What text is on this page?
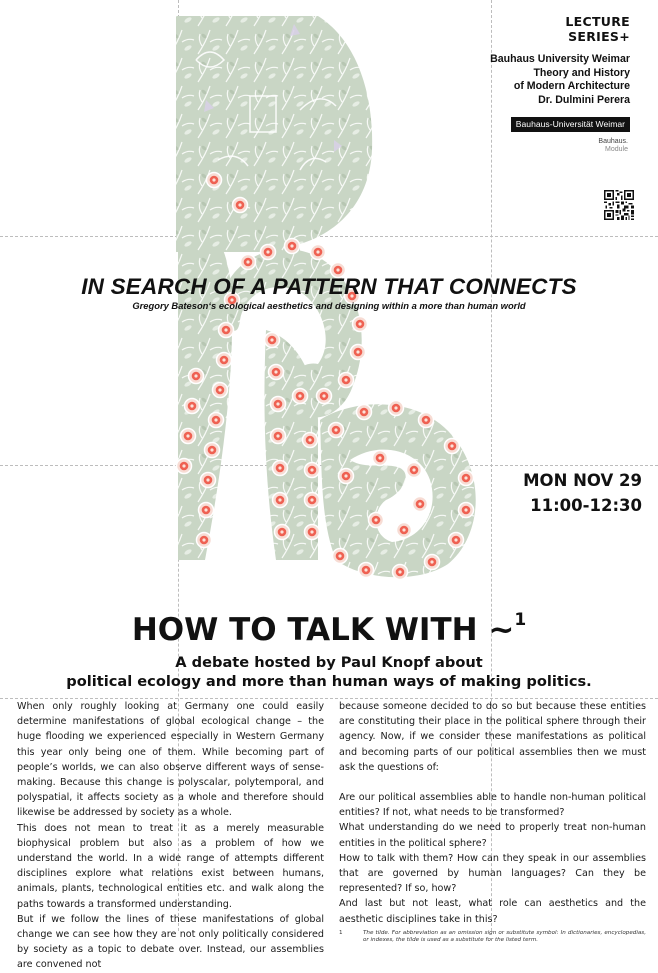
LECTURE
SERIES+
Bauhaus University Weimar
Theory and History
of Modern Architecture
Dr. Dulmini Perera
Bauhaus-Universität Weimar
Bauhaus.
Module
IN SEARCH OF A PATTERN THAT CONNECTS
Gregory Bateson‘s ecological aesthetics and designing within a more than human world
MON NOV 29
11:00-12:30
HOW TO TALK WITH ~$^1$
A debate hosted by Paul Knopf about
political ecology and more than human ways of making politics.

When only roughly looking at Germany one could easily determine manifestations of global ecological change – the huge flooding we experienced especially in Western Germany this year only being one of them. While becoming part of people’s worlds, we can also observe different ways of sense-making. Because this change is polyscalar, polytemporal, and polyspatial, it affects society as a whole and therefore should likewise be addressed by society as a whole.

This does not mean to treat it as a merely measurable biophysical problem but also as a problem of how we understand the world. In a wide range of attempts different disciplines explore what relations exist between humans, animals, plants, technological entities etc. and walk along the paths towards a transformed understanding.

But if we follow the lines of these manifestations of global change we can see how they are not only politically considered by society as a topic to debate over. Instead, our assemblies are convened not

because someone decided to do so but because these entities are constituting their place in the political sphere through their agency. Now, if we consider these manifestations as political and becoming parts of our political assemblies then we must ask the questions of:

Are our political assemblies able to handle non-human political entities? If not, what needs to be transformed?

What understanding do we need to properly treat non-human entities in the political sphere?

How to talk with them? How can they speak in our assemblies that are governed by human languages? Can they be represented? If so, how?

And last but not least, what role can aesthetics and the aesthetic disciplines take in this?

1	The tilde. For abbreviation as an omission sign or substitute symbol: In dictionaries, encyclopedias, or indexes, the tilde is used as a substitute for the listed term.
